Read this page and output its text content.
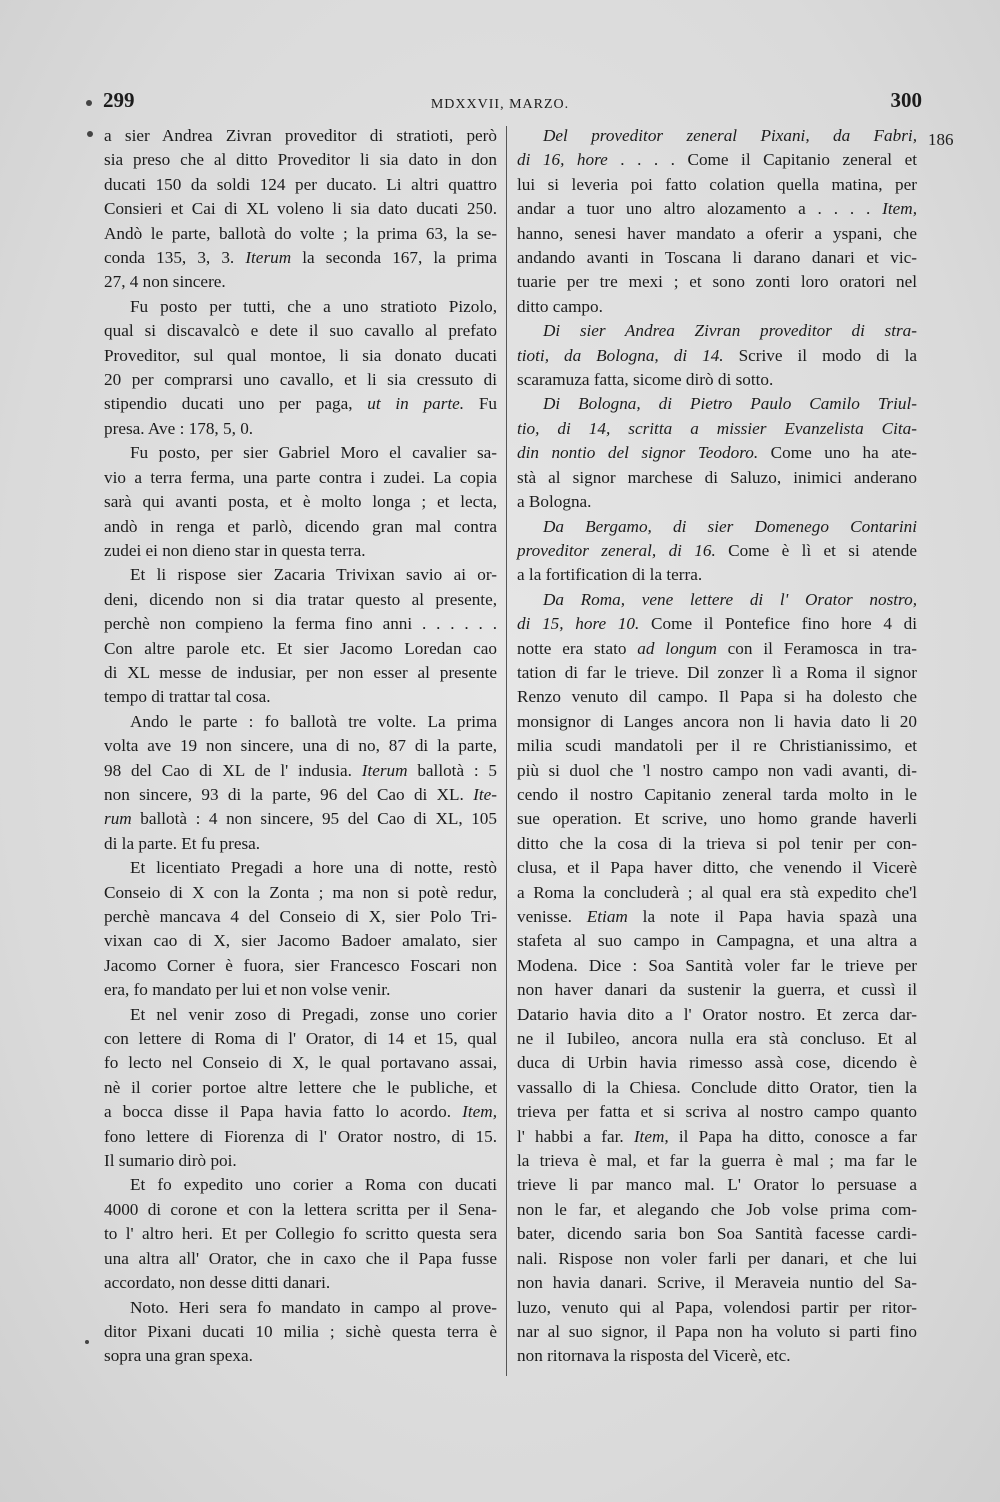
299	MDXXVII, MARZO.	300
186
a sier Andrea Zivran proveditor di stratioti, però
sia preso che al ditto Proveditor li sia dato in don
ducati 150 da soldi 124 per ducato. Li altri quattro
Consieri et Cai di XL voleno li sia dato ducati 250.
Andò le parte, ballotà do volte ; la prima 63, la se-
conda 135, 3, 3. Iterum la seconda 167, la prima
27, 4 non sincere.
Fu posto per tutti, che a uno stratioto Pizolo,
qual si discavalcò e dete il suo cavallo al prefato
Proveditor, sul qual montoe, li sia donato ducati
20 per comprarsi uno cavallo, et li sia cressuto di
stipendio ducati uno per paga, ut in parte. Fu
presa. Ave : 178, 5, 0.
Fu posto, per sier Gabriel Moro el cavalier sa-
vio a terra ferma, una parte contra i zudei. La copia
sarà qui avanti posta, et è molto longa ; et lecta,
andò in renga et parlò, dicendo gran mal contra
zudei ei non dieno star in questa terra.
Et li rispose sier Zacaria Trivixan savio ai or-
deni, dicendo non si dia tratar questo al presente,
perchè non compieno la ferma fino anni . . . . . .
Con altre parole etc. Et sier Jacomo Loredan cao
di XL messe de indusiar, per non esser al presente
tempo di trattar tal cosa.
Ando le parte : fo ballotà tre volte. La prima
volta ave 19 non sincere, una di no, 87 di la parte,
98 del Cao di XL de l' indusia. Iterum ballotà : 5
non sincere, 93 di la parte, 96 del Cao di XL. Ite-
rum ballotà : 4 non sincere, 95 del Cao di XL, 105
di la parte. Et fu presa.
Et licentiato Pregadi a hore una di notte, restò
Conseio di X con la Zonta ; ma non si potè redur,
perchè mancava 4 del Conseio di X, sier Polo Tri-
vixan cao di X, sier Jacomo Badoer amalato, sier
Jacomo Corner è fuora, sier Francesco Foscari non
era, fo mandato per lui et non volse venir.
Et nel venir zoso di Pregadi, zonse uno corier
con lettere di Roma di l' Orator, di 14 et 15, qual
fo lecto nel Conseio di X, le qual portavano assai,
nè il corier portoe altre lettere che le publiche, et
a bocca disse il Papa havia fatto lo acordo. Item,
fono lettere di Fiorenza di l' Orator nostro, di 15.
Il sumario dirò poi.
Et fo expedito uno corier a Roma con ducati
4000 di corone et con la lettera scritta per il Sena-
to l' altro heri. Et per Collegio fo scritto questa sera
una altra all' Orator, che in caxo che il Papa fusse
accordato, non desse ditti danari.
Noto. Heri sera fo mandato in campo al prove-
ditor Pixani ducati 10 milia ; sichè questa terra è
sopra una gran spexa.
Del proveditor zeneral Pixani, da Fabri,
di 16, hore . . . . Come il Capitanio zeneral et
lui si leveria poi fatto colation quella matina, per
andar a tuor uno altro alozamento a . . . . Item,
hanno, senesi haver mandato a oferir a yspani, che
andando avanti in Toscana li darano danari et vic-
tuarie per tre mexi ; et sono zonti loro oratori nel
ditto campo.
Di sier Andrea Zivran proveditor di stra-
tioti, da Bologna, di 14. Scrive il modo di la
scaramuza fatta, sicome dirò di sotto.
Di Bologna, di Pietro Paulo Camilo Triul-
tio, di 14, scritta a missier Evanzelista Cita-
din nontio del signor Teodoro. Come uno ha ate-
stà al signor marchese di Saluzo, inimici anderano
a Bologna.
Da Bergamo, di sier Domenego Contarini
proveditor zeneral, di 16. Come è lì et si atende
a la fortification di la terra.
Da Roma, vene lettere di l' Orator nostro,
di 15, hore 10. Come il Pontefice fino hore 4 di
notte era stato ad longum con il Feramosca in tra-
tation di far le trieve. Dil zonzer lì a Roma il signor
Renzo venuto dil campo. Il Papa si ha dolesto che
monsignor di Langes ancora non li havia dato li 20
milia scudi mandatoli per il re Christianissimo, et
più si duol che 'l nostro campo non vadi avanti, di-
cendo il nostro Capitanio zeneral tarda molto in le
sue operation. Et scrive, uno homo grande haverli
ditto che la cosa di la trieva si pol tenir per con-
clusa, et il Papa haver ditto, che venendo il Vicerè
a Roma la concluderà ; al qual era stà expedito che'l
venisse. Etiam la note il Papa havia spazà una
stafeta al suo campo in Campagna, et una altra a
Modena. Dice : Soa Santità voler far le trieve per
non haver danari da sustenir la guerra, et cussì il
Datario havia dito a l' Orator nostro. Et zerca dar-
ne il Iubileo, ancora nulla era stà concluso. Et al
duca di Urbin havia rimesso assà cose, dicendo è
vassallo di la Chiesa. Conclude ditto Orator, tien la
trieva per fatta et si scriva al nostro campo quanto
l' habbi a far. Item, il Papa ha ditto, conosce a far
la trieva è mal, et far la guerra è mal ; ma far le
trieve li par manco mal. L' Orator lo persuase a
non le far, et alegando che Job volse prima com-
bater, dicendo saria bon Soa Santità facesse cardi-
nali. Rispose non voler farli per danari, et che lui
non havia danari. Scrive, il Meraveia nuntio del Sa-
luzo, venuto qui al Papa, volendosi partir per ritor-
nar al suo signor, il Papa non ha voluto si parti fino
non ritornava la risposta del Vicerè, etc.
